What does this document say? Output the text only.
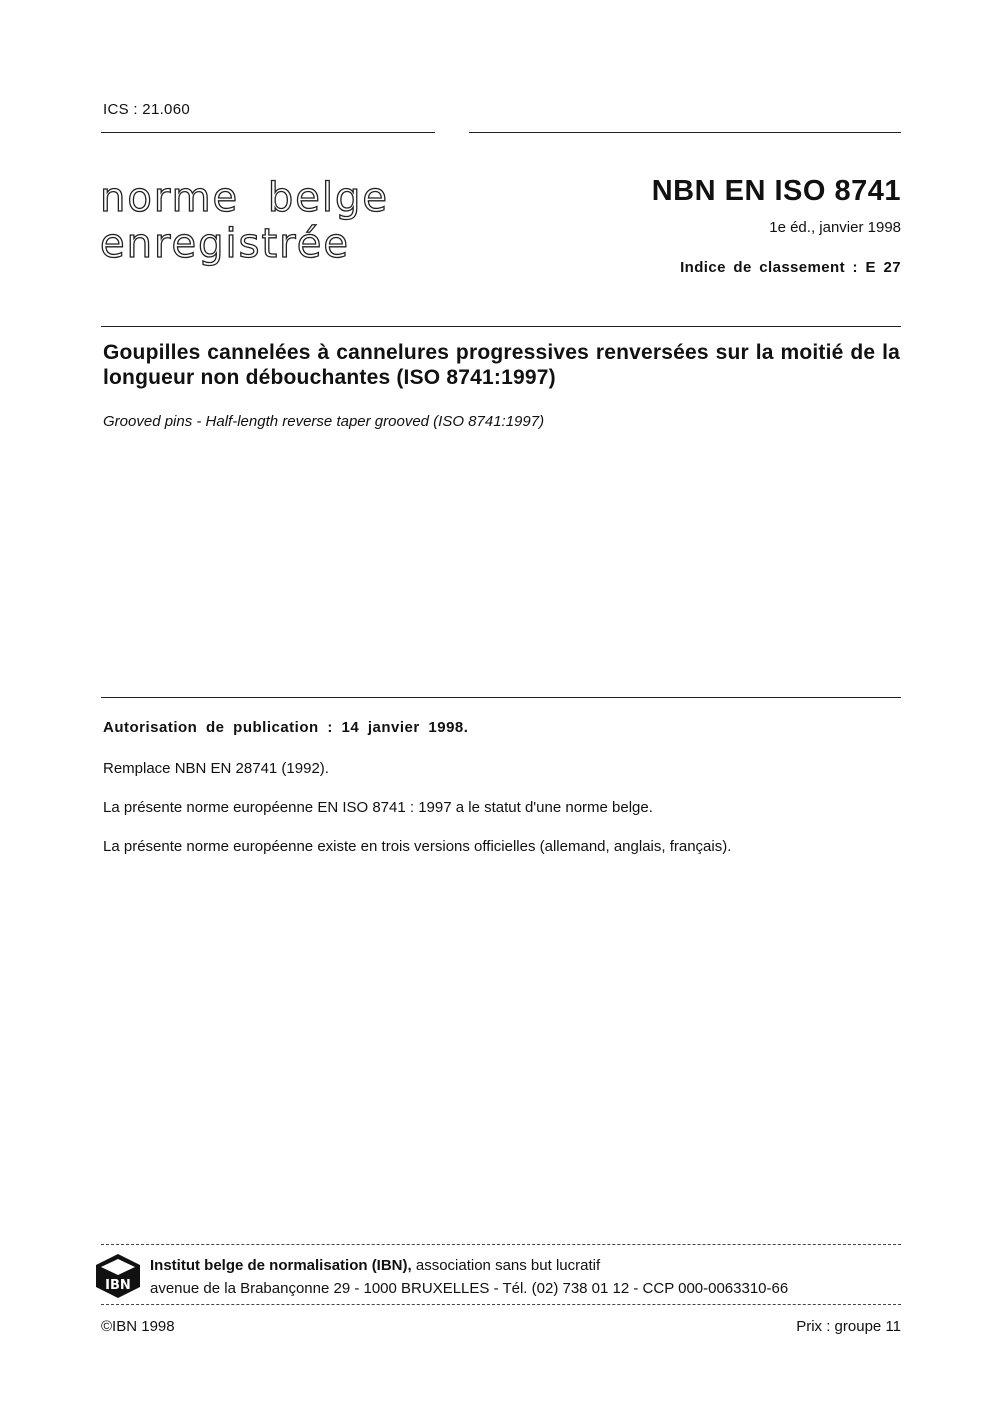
ICS : 21.060
norme belge
enregistrée
NBN EN ISO 8741
1e éd., janvier 1998
Indice de classement : E 27
Goupilles cannelées à cannelures progressives renversées sur la moitié de la longueur non débouchantes (ISO 8741:1997)
Grooved pins - Half-length reverse taper grooved (ISO 8741:1997)
Autorisation de publication : 14 janvier 1998.
Remplace NBN EN 28741 (1992).
La présente norme européenne EN ISO 8741 : 1997 a le statut d'une norme belge.
La présente norme européenne existe en trois versions officielles (allemand, anglais, français).
IBN
Institut belge de normalisation (IBN), association sans but lucratif
avenue de la Brabançonne 29 - 1000 BRUXELLES - Tél. (02) 738 01 12 - CCP 000-0063310-66
©IBN 1998	Prix : groupe 11
